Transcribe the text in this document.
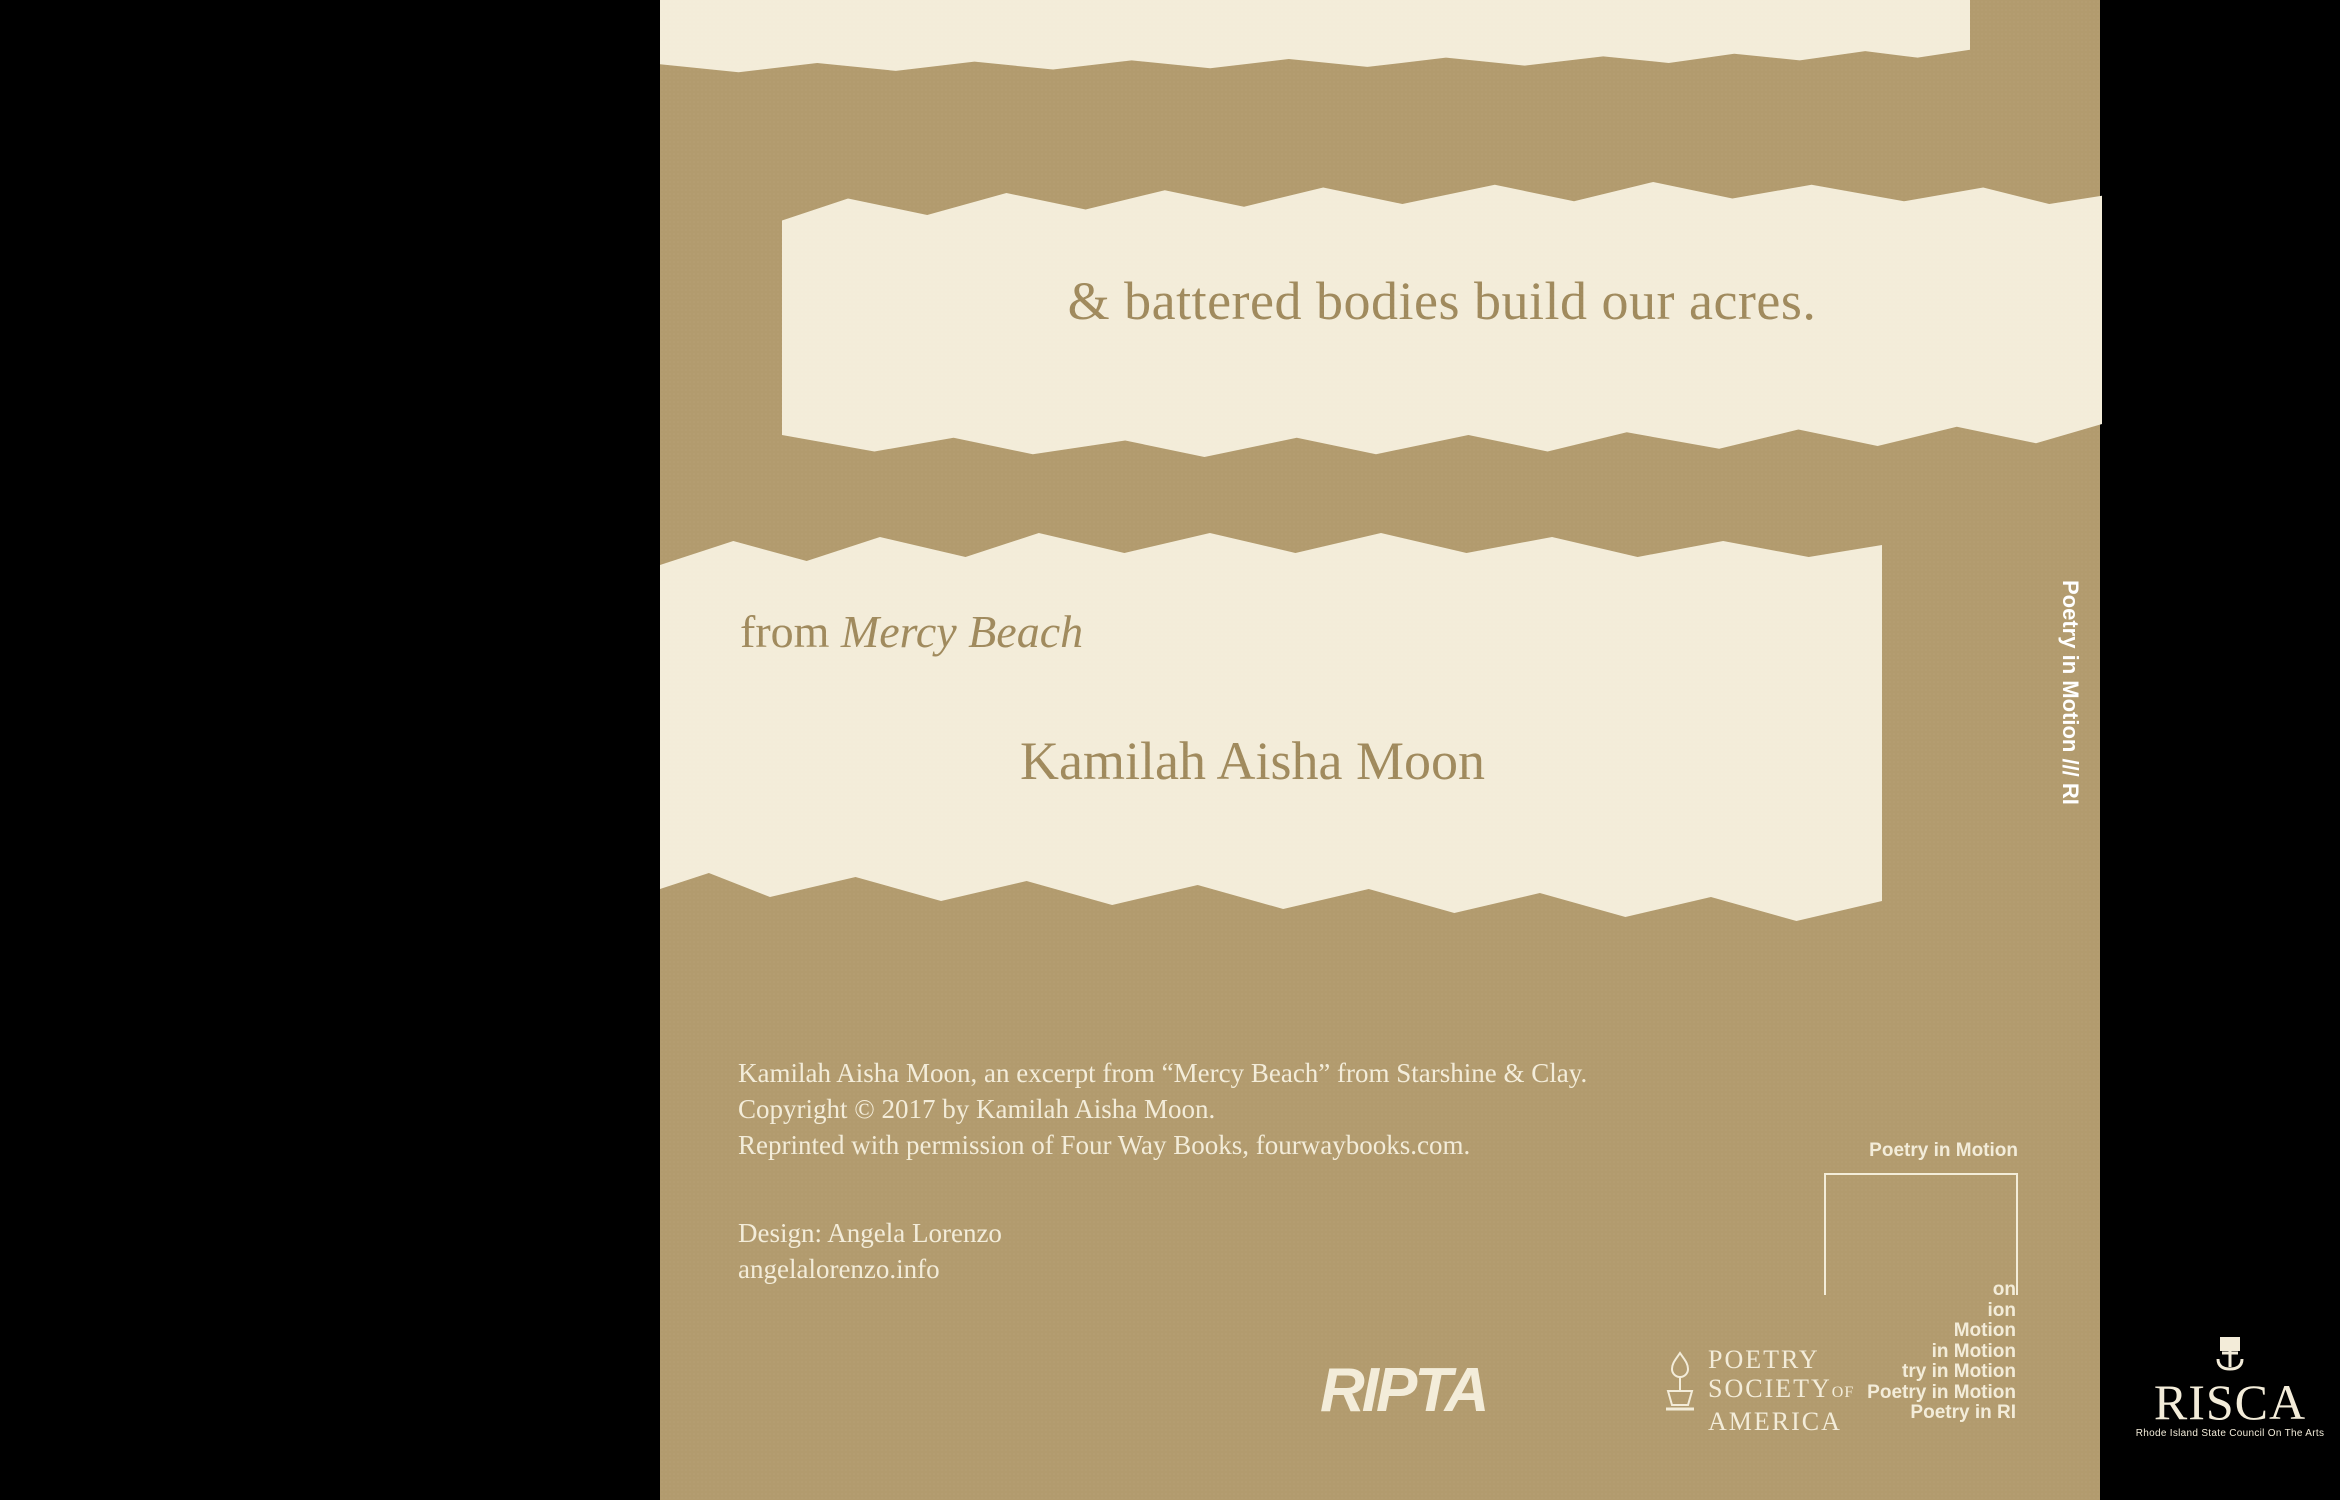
& battered bodies build our acres.
from Mercy Beach
Kamilah Aisha Moon	Poetry in Motion /// RI
Kamilah Aisha Moon, an excerpt from “Mercy Beach” from Starshine & Clay.
Copyright © 2017 by Kamilah Aisha Moon.
Reprinted with permission of Four Way Books, fourwaybooks.com.
Design: Angela Lorenzo
angelalorenzo.info
RIPTA	POETRY
SOCIETYOF
AMERICA	RISCA
Rhode Island State Council On The Arts
Poetry in Motion
on
ion
Motion
in Motion
try in Motion
Poetry in Motion
Poetry in RI
